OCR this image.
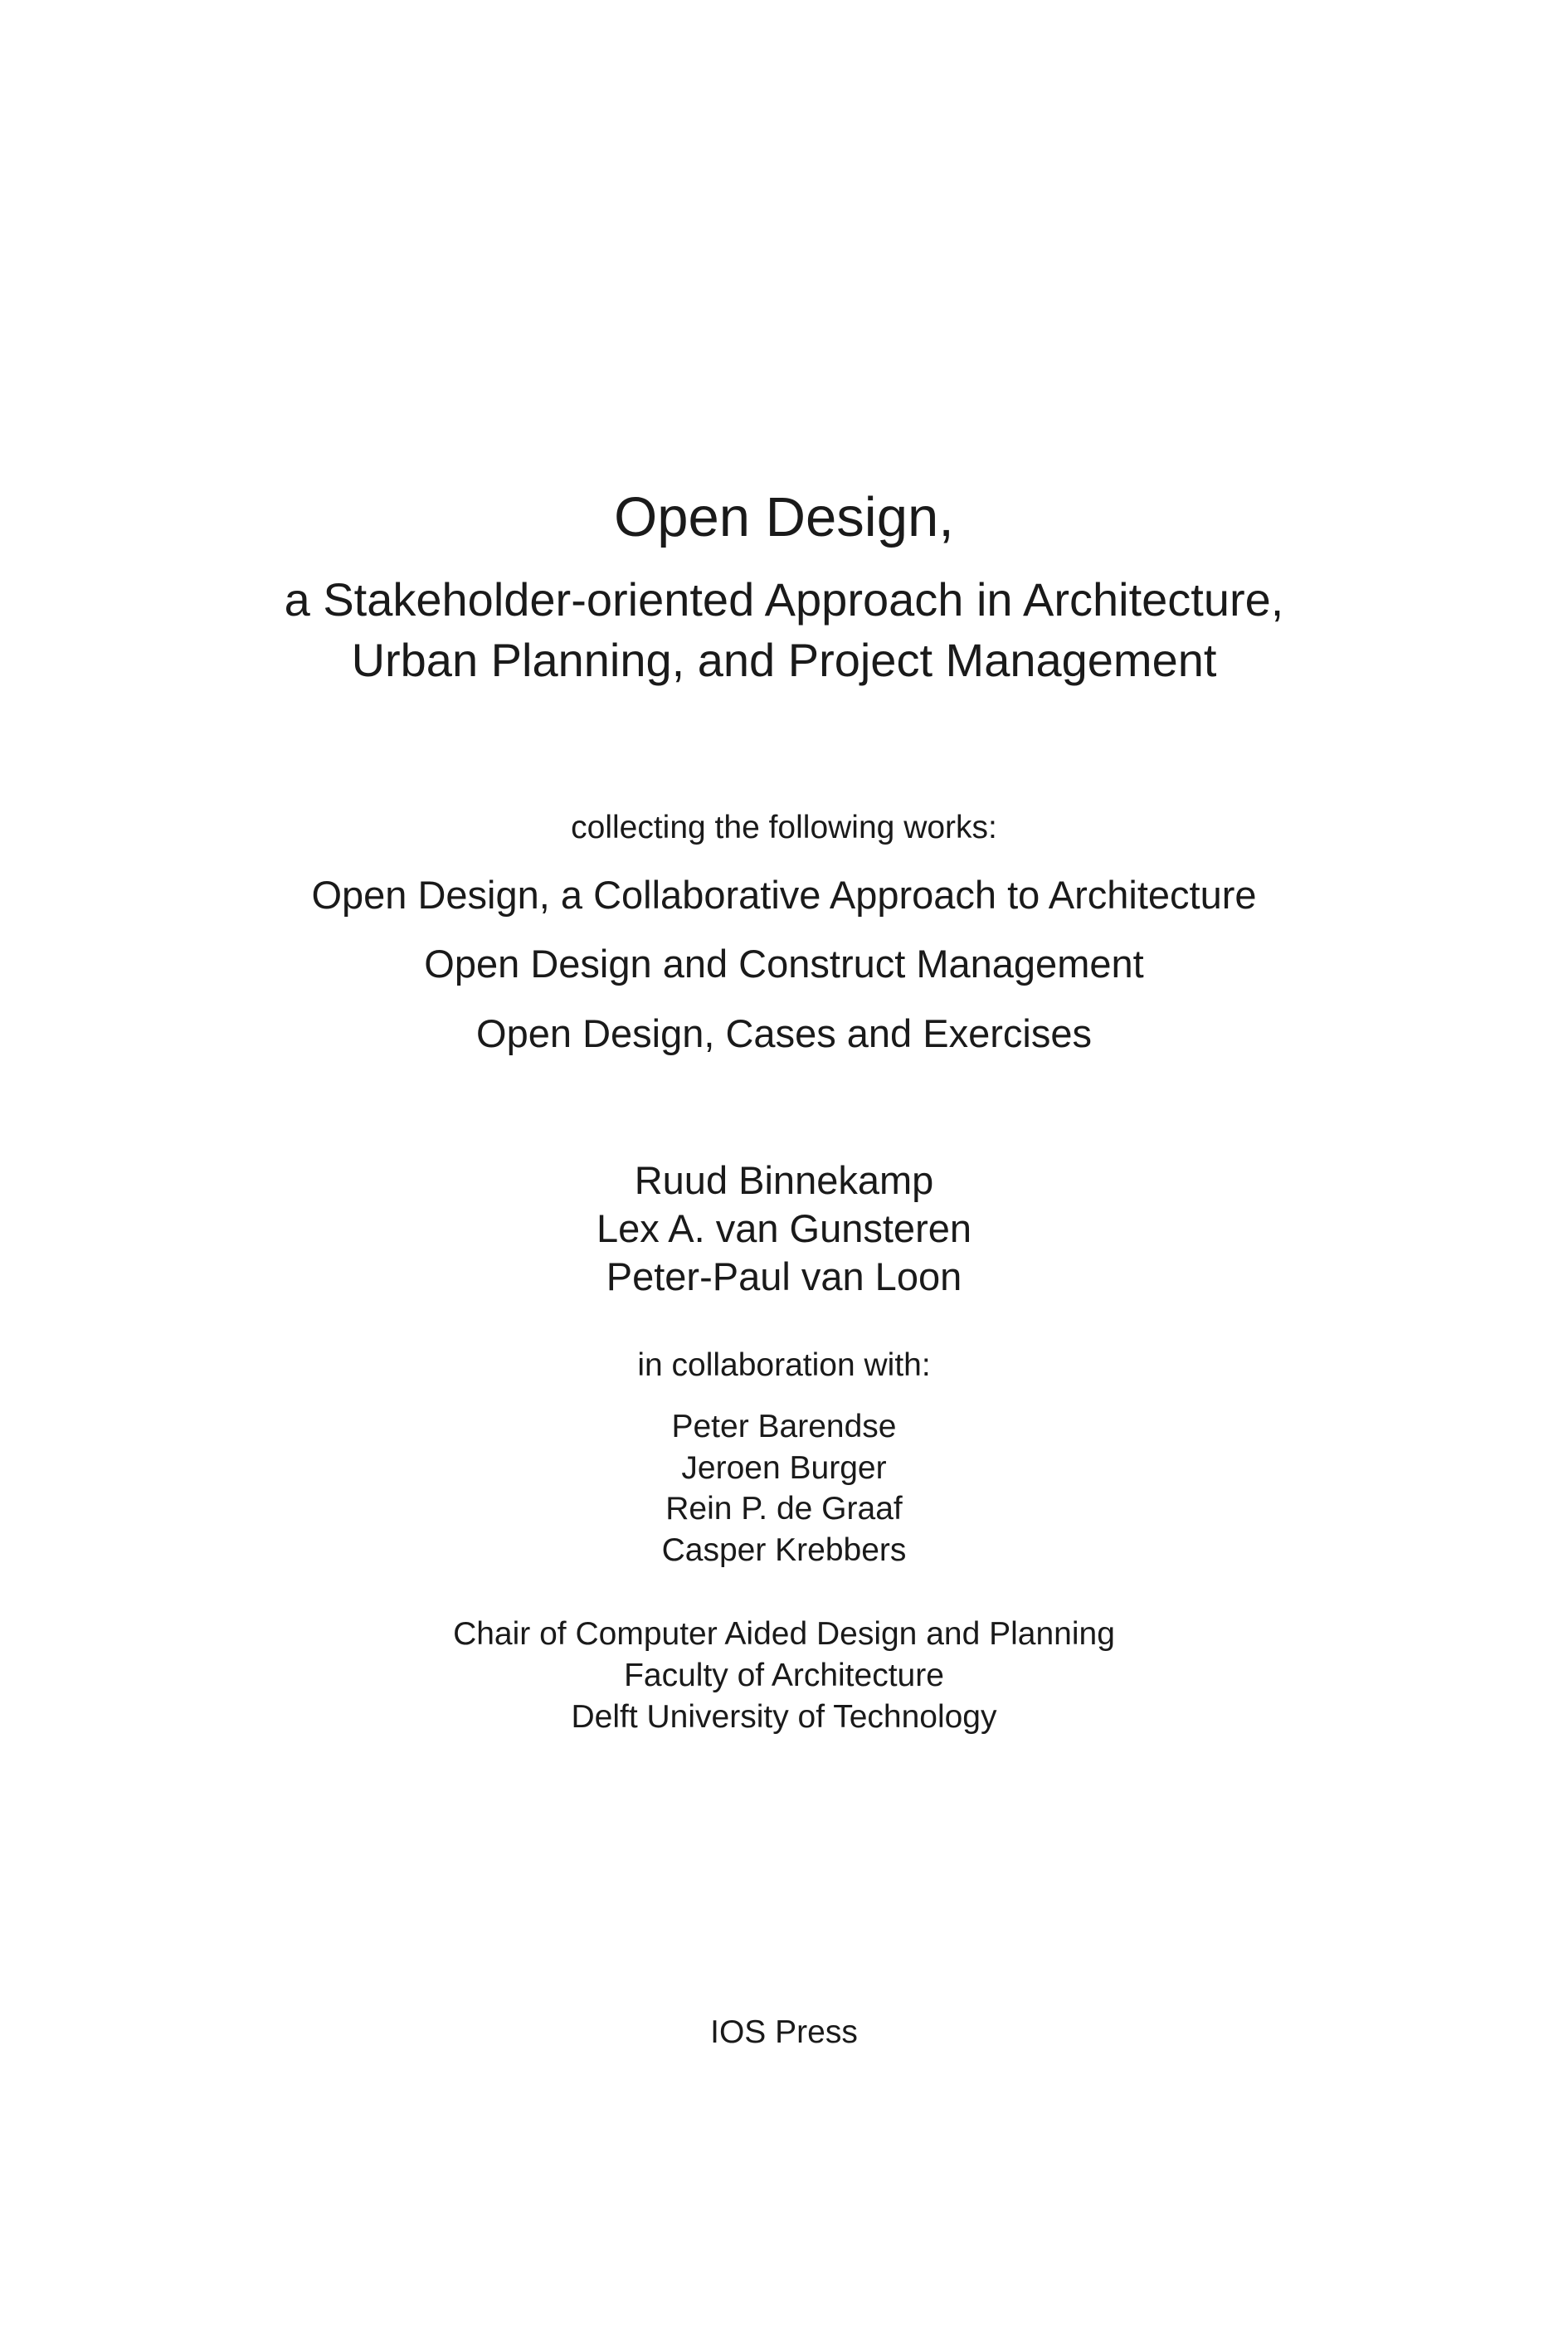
Open Design,
a Stakeholder-oriented Approach in Architecture,
Urban Planning, and Project Management
collecting the following works:
Open Design, a Collaborative Approach to Architecture
Open Design and Construct Management
Open Design, Cases and Exercises
Ruud Binnekamp
Lex A. van Gunsteren
Peter-Paul van Loon
in collaboration with:
Peter Barendse
Jeroen Burger
Rein P. de Graaf
Casper Krebbers
Chair of Computer Aided Design and Planning
Faculty of Architecture
Delft University of Technology
IOS Press
